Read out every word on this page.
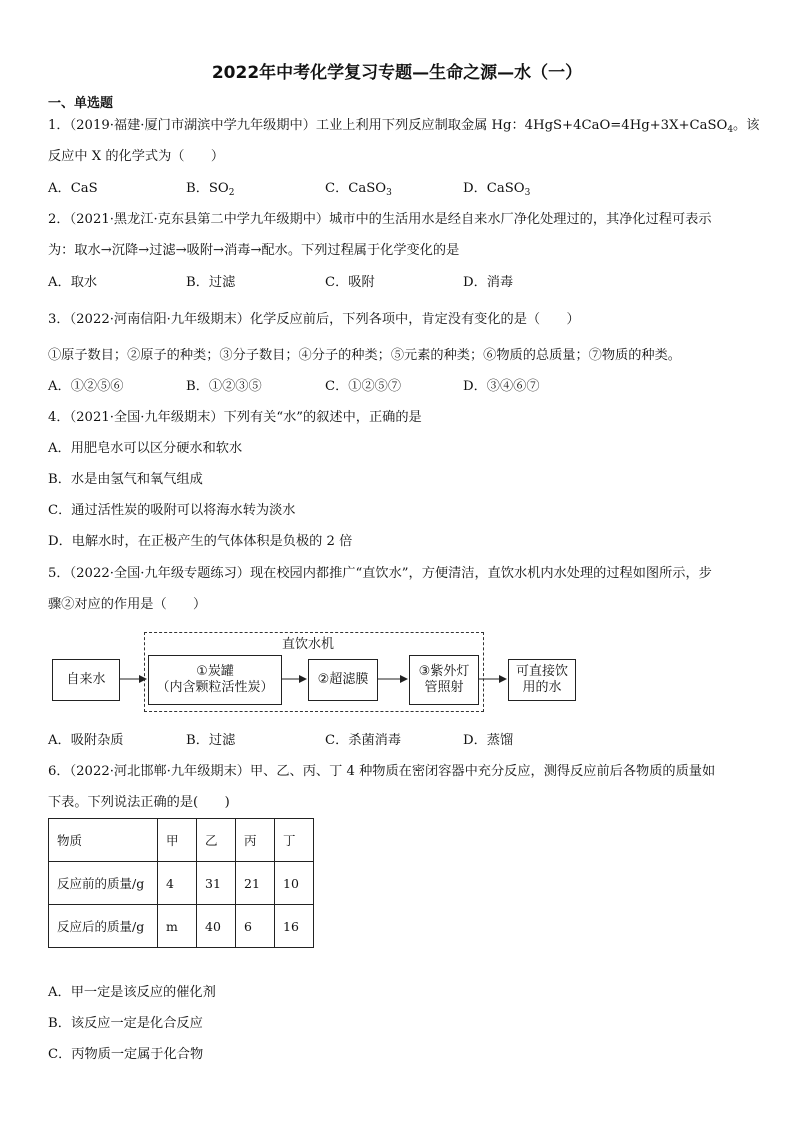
2022年中考化学复习专题—生命之源—水（一）
一、单选题
1．（2019·福建·厦门市湖滨中学九年级期中）工业上利用下列反应制取金属 Hg：4HgS+4CaO=4Hg+3X+CaSO$_4$。该
反应中 X 的化学式为（　　）
A．CaS	B．$SO_2$	C．CaSO$_3$	D．CaSO$_3$
2．（2021·黑龙江·克东县第二中学九年级期中）城市中的生活用水是经自来水厂净化处理过的，其净化过程可表示
为：取水→沉降→过滤→吸附→消毒→配水。下列过程属于化学变化的是
A．取水	B．过滤	C．吸附	D．消毒
3．（2022·河南信阳·九年级期末）化学反应前后，下列各项中，肯定没有变化的是（　　）
①原子数目；②原子的种类；③分子数目；④分子的种类；⑤元素的种类；⑥物质的总质量；⑦物质的种类。
A．①②⑤⑥	B．①②③⑤	C．①②⑤⑦	D．③④⑥⑦
4．（2021·全国·九年级期末）下列有关“水”的叙述中，正确的是
A．用肥皂水可以区分硬水和软水
B．水是由氢气和氧气组成
C．通过活性炭的吸附可以将海水转为淡水
D．电解水时，在正极产生的气体体积是负极的 2 倍
5．（2022·全国·九年级专题练习）现在校园内都推广“直饮水”，方便清洁，直饮水机内水处理的过程如图所示，步
骤②对应的作用是（　　）
直饮水机
自来水
①炭罐
（内含颗粒活性炭）
②超滤膜
③紫外灯
管照射
可直接饮
用的水
A．吸附杂质	B．过滤	C．杀菌消毒	D．蒸馏
6．（2022·河北邯郸·九年级期末）甲、乙、丙、丁 4 种物质在密闭容器中充分反应，测得反应前后各物质的质量如
下表。下列说法正确的是(　　)
物质	甲	乙	丙	丁
反应前的质量/g	4	31	21	10
反应后的质量/g	m	40	6	16
A．甲一定是该反应的催化剂
B．该反应一定是化合反应
C．丙物质一定属于化合物
